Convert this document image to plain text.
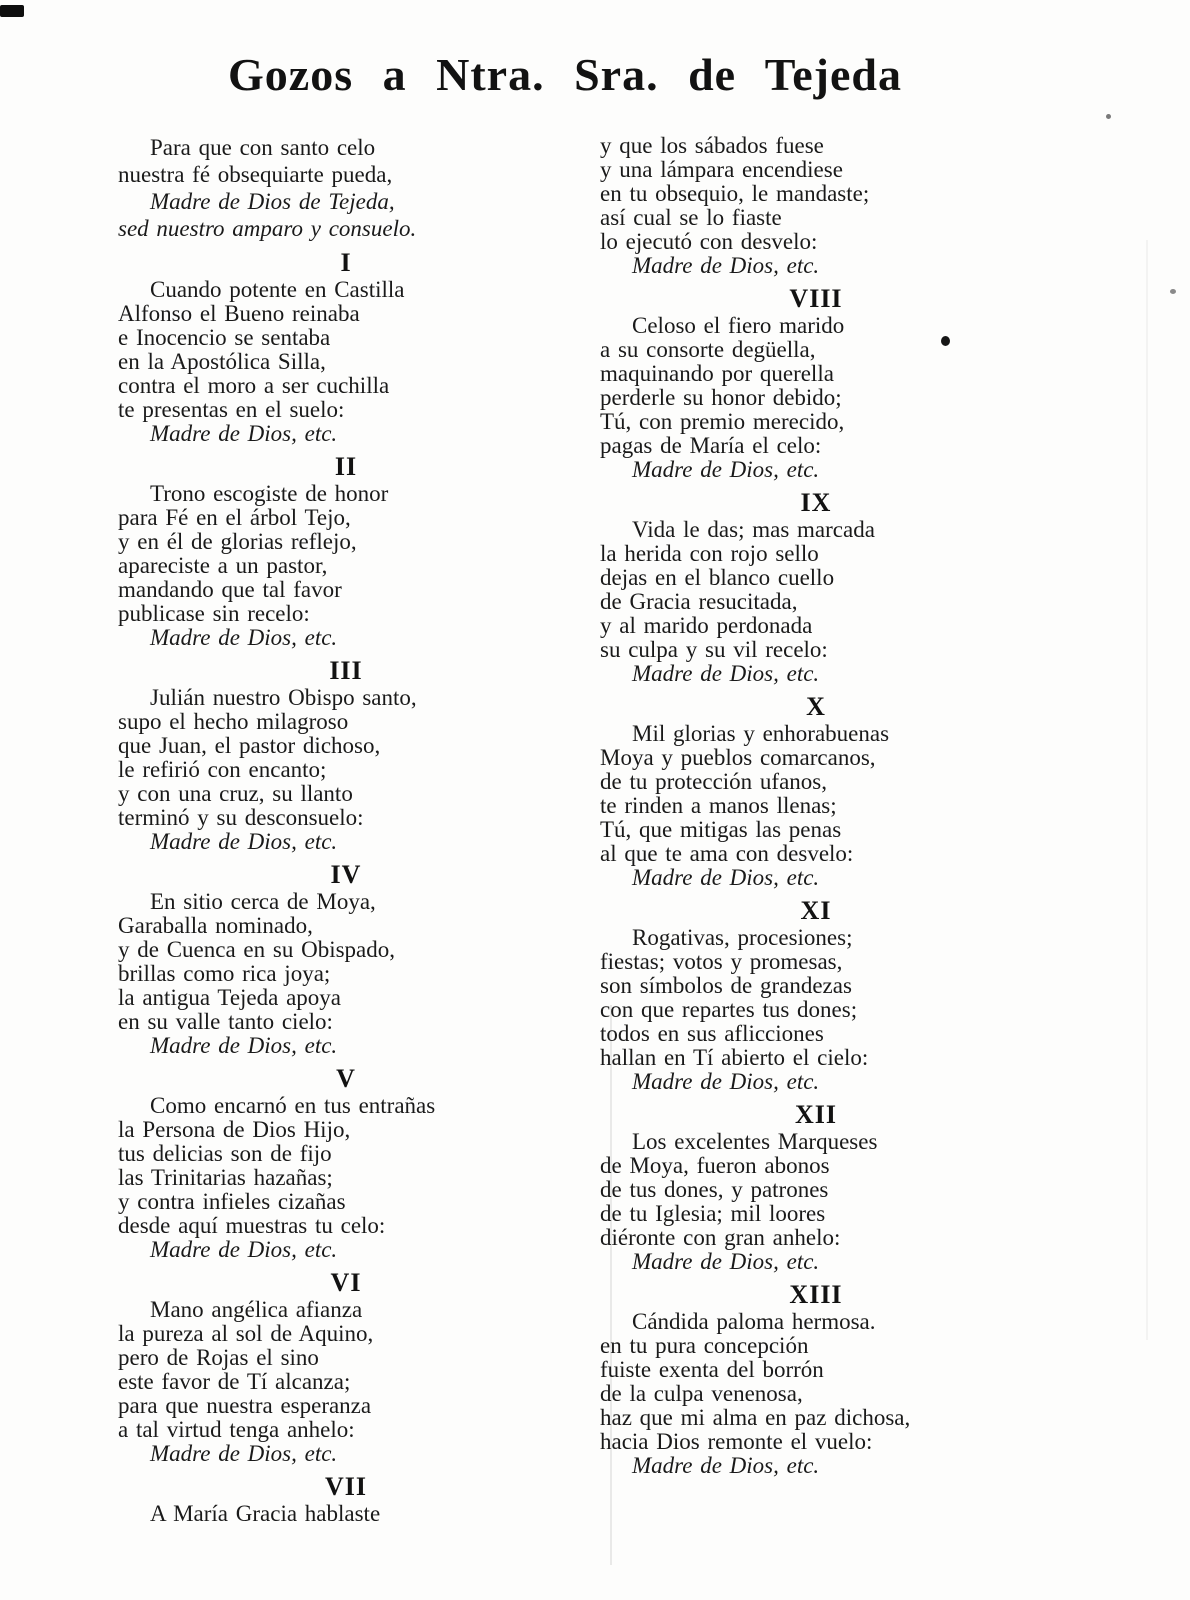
Gozos a Ntra. Sra. de Tejeda
Para que con santo celo
nuestra fé obsequiarte pueda,
Madre de Dios de Tejeda,
sed nuestro amparo y consuelo.
I
Cuando potente en Castilla
Alfonso el Bueno reinaba
e Inocencio se sentaba
en la Apostólica Silla,
contra el moro a ser cuchilla
te presentas en el suelo:
Madre de Dios, etc.
II
Trono escogiste de honor
para Fé en el árbol Tejo,
y en él de glorias reflejo,
apareciste a un pastor,
mandando que tal favor
publicase sin recelo:
Madre de Dios, etc.
III
Julián nuestro Obispo santo,
supo el hecho milagroso
que Juan, el pastor dichoso,
le refirió con encanto;
y con una cruz, su llanto
terminó y su desconsuelo:
Madre de Dios, etc.
IV
En sitio cerca de Moya,
Garaballa nominado,
y de Cuenca en su Obispado,
brillas como rica joya;
la antigua Tejeda apoya
en su valle tanto cielo:
Madre de Dios, etc.
V
Como encarnó en tus entrañas
la Persona de Dios Hijo,
tus delicias son de fijo
las Trinitarias hazañas;
y contra infieles cizañas
desde aquí muestras tu celo:
Madre de Dios, etc.
VI
Mano angélica afianza
la pureza al sol de Aquino,
pero de Rojas el sino
este favor de Tí alcanza;
para que nuestra esperanza
a tal virtud tenga anhelo:
Madre de Dios, etc.
VII
A María Gracia hablaste
y que los sábados fuese
y una lámpara encendiese
en tu obsequio, le mandaste;
así cual se lo fiaste
lo ejecutó con desvelo:
Madre de Dios, etc.
VIII
Celoso el fiero marido
a su consorte degüella,
maquinando por querella
perderle su honor debido;
Tú, con premio merecido,
pagas de María el celo:
Madre de Dios, etc.
IX
Vida le das; mas marcada
la herida con rojo sello
dejas en el blanco cuello
de Gracia resucitada,
y al marido perdonada
su culpa y su vil recelo:
Madre de Dios, etc.
X
Mil glorias y enhorabuenas
Moya y pueblos comarcanos,
de tu protección ufanos,
te rinden a manos llenas;
Tú, que mitigas las penas
al que te ama con desvelo:
Madre de Dios, etc.
XI
Rogativas, procesiones;
fiestas; votos y promesas,
son símbolos de grandezas
con que repartes tus dones;
todos en sus aflicciones
hallan en Tí abierto el cielo:
Madre de Dios, etc.
XII
Los excelentes Marqueses
de Moya, fueron abonos
de tus dones, y patrones
de tu Iglesia; mil loores
diéronte con gran anhelo:
Madre de Dios, etc.
XIII
Cándida paloma hermosa.
en tu pura concepción
fuiste exenta del borrón
de la culpa venenosa,
haz que mi alma en paz dichosa,
hacia Dios remonte el vuelo:
Madre de Dios, etc.
